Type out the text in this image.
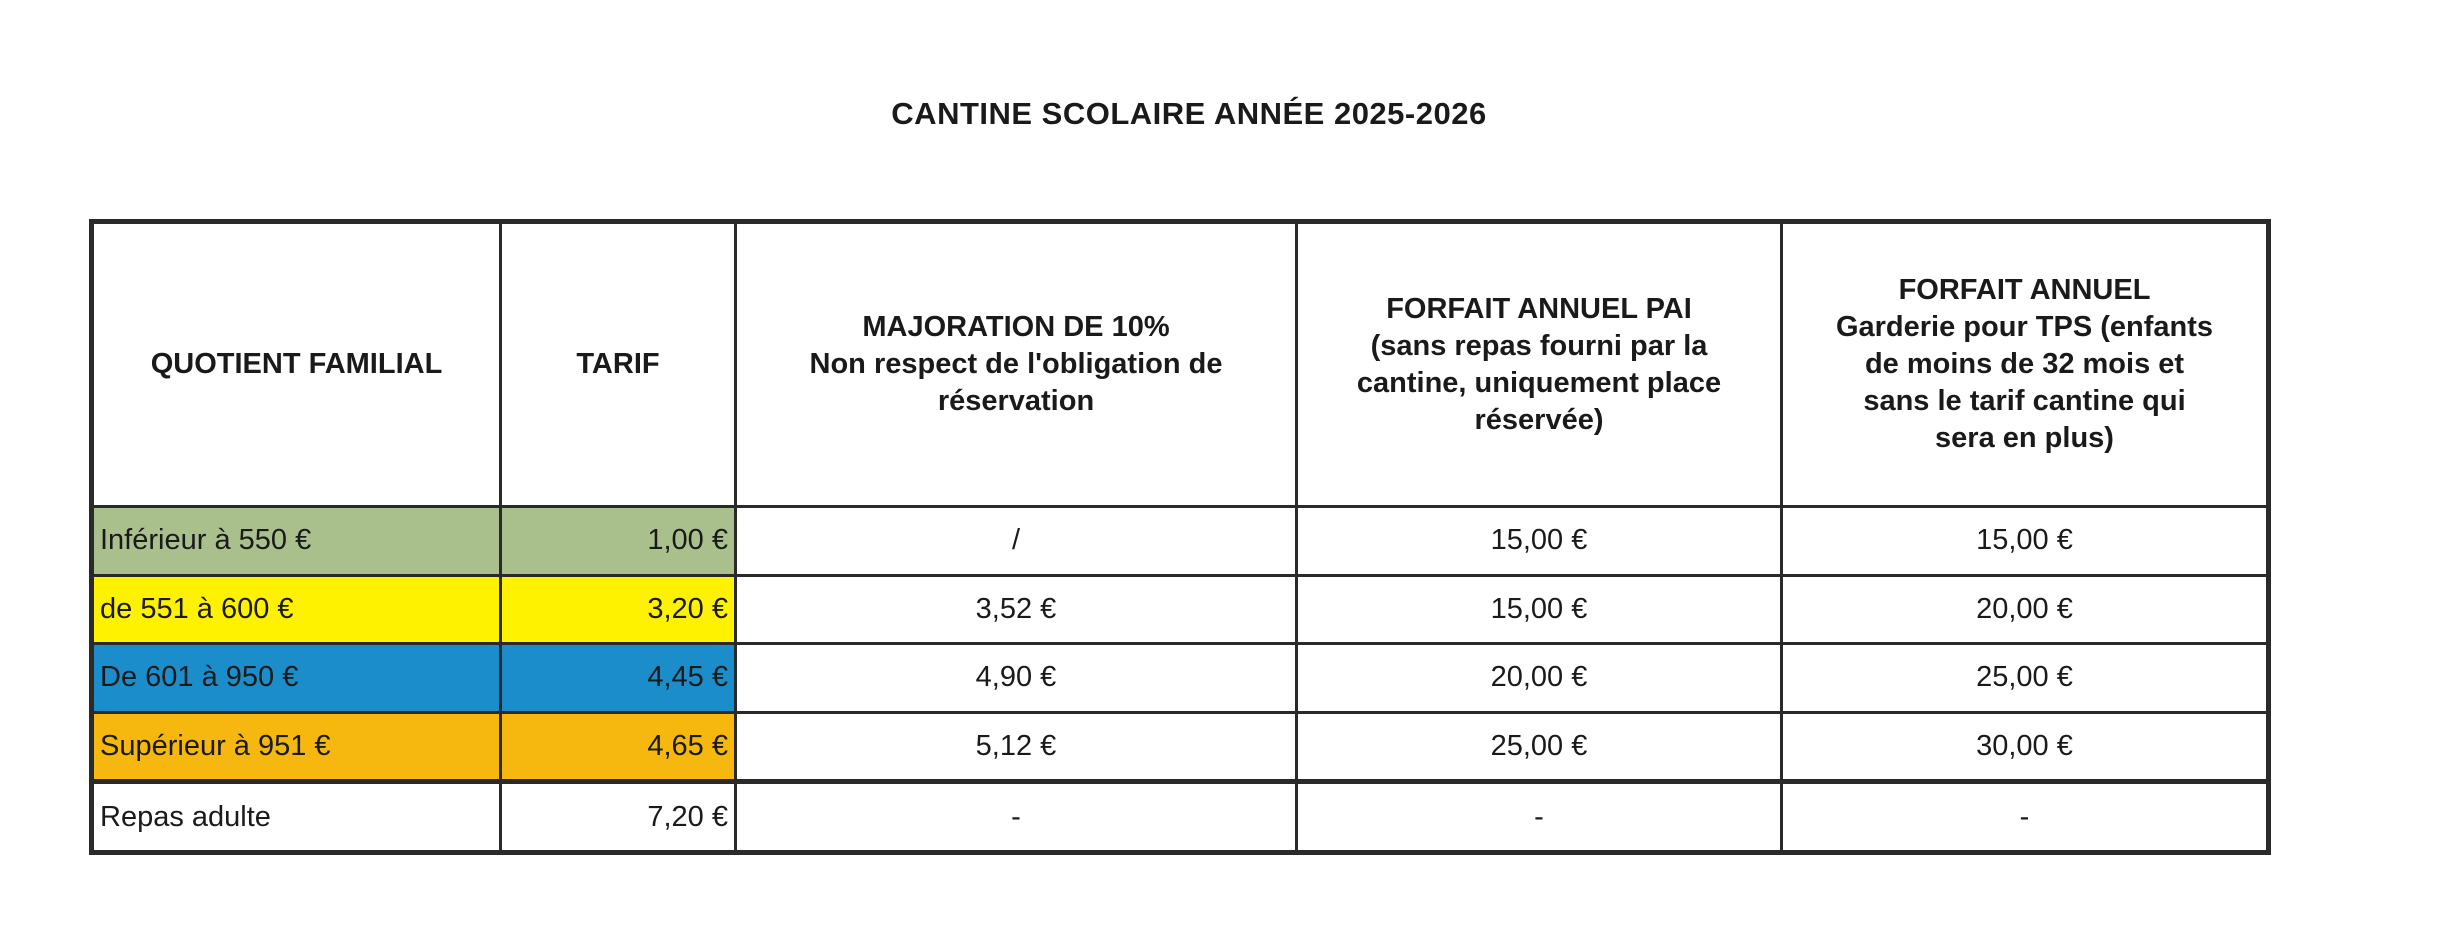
CANTINE SCOLAIRE ANNÉE 2025-2026
QUOTIENT FAMILIAL	TARIF	MAJORATION DE 10%
Non respect de l'obligation de
réservation	FORFAIT ANNUEL PAI
(sans repas fourni par la
cantine, uniquement place
réservée)	FORFAIT ANNUEL
Garderie pour TPS (enfants
de moins de 32 mois et
sans le tarif cantine qui
sera en plus)

Inférieur à 550 €	1,00 €	/	15,00 €	15,00 €
de 551 à 600 €	3,20 €	3,52 €	15,00 €	20,00 €
De 601 à 950 €	4,45 €	4,90 €	20,00 €	25,00 €
Supérieur à 951 €	4,65 €	5,12 €	25,00 €	30,00 €
Repas adulte	7,20 €	-	-	-
